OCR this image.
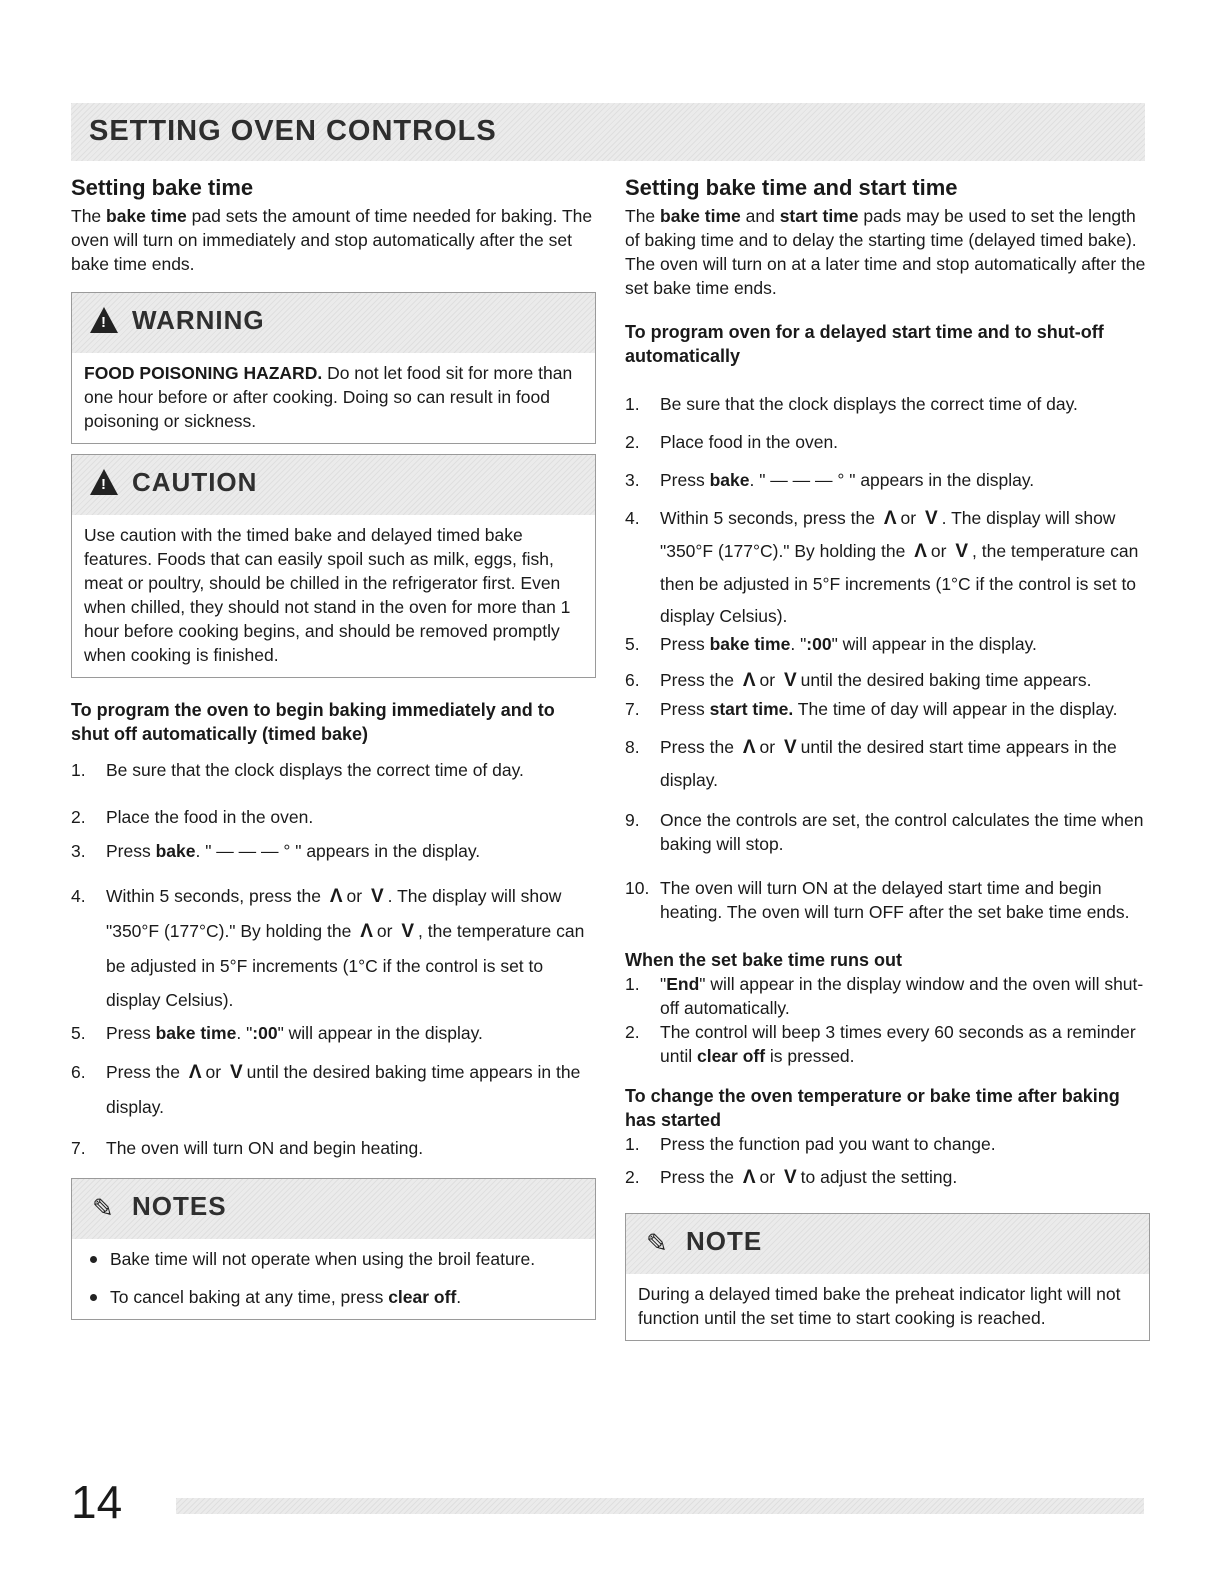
SETTING OVEN CONTROLS
Setting bake time

The bake time pad sets the amount of time needed for baking. The oven will turn on immediately and stop automatically after the set bake time ends.

! WARNING
FOOD POISONING HAZARD. Do not let food sit for more than one hour before or after cooking. Doing so can result in food poisoning or sickness.
! CAUTION
Use caution with the timed bake and delayed timed bake features. Foods that can easily spoil such as milk, eggs, fish, meat or poultry, should be chilled in the refrigerator first. Even when chilled, they should not stand in the oven for more than 1 hour before cooking begins, and should be removed promptly when cooking is finished.

To program the oven to begin baking immediately and to shut off automatically (timed bake)

1. Be sure that the clock displays the correct time of day.
2. Place the food in the oven.
3. Press bake. " — — — ° " appears in the display.
4. Within 5 seconds, press the Λ or V . The display will show "350°F (177°C)." By holding the Λ or V , the temperature can be adjusted in 5°F increments (1°C if the control is set to display Celsius).
5. Press bake time. ":00" will appear in the display.
6. Press the Λ or V until the desired baking time appears in the display.
7. The oven will turn ON and begin heating.
✎ NOTES
Bake time will not operate when using the broil feature.
To cancel baking at any time, press clear off.
Setting bake time and start time

The bake time and start time pads may be used to set the length of baking time and to delay the starting time (delayed timed bake). The oven will turn on at a later time and stop automatically after the set bake time ends.

To program oven for a delayed start time and to shut-off automatically

1. Be sure that the clock displays the correct time of day.
2. Place food in the oven.
3. Press bake. " — — — ° " appears in the display.
4. Within 5 seconds, press the Λ or V . The display will show "350°F (177°C)." By holding the Λ or V , the temperature can then be adjusted in 5°F increments (1°C if the control is set to display Celsius).
5. Press bake time. ":00" will appear in the display.
6. Press the Λ or V until the desired baking time appears.
7. Press start time. The time of day will appear in the display.
8. Press the Λ or V until the desired start time appears in the display.
9. Once the controls are set, the control calculates the time when baking will stop.
10. The oven will turn ON at the delayed start time and begin heating. The oven will turn OFF after the set bake time ends.

When the set bake time runs out

1. "End" will appear in the display window and the oven will shut-off automatically.
2. The control will beep 3 times every 60 seconds as a reminder until clear off is pressed.

To change the oven temperature or bake time after baking has started

1. Press the function pad you want to change.
2. Press the Λ or V to adjust the setting.
✎ NOTE
During a delayed timed bake the preheat indicator light will not function until the set time to start cooking is reached.
14
